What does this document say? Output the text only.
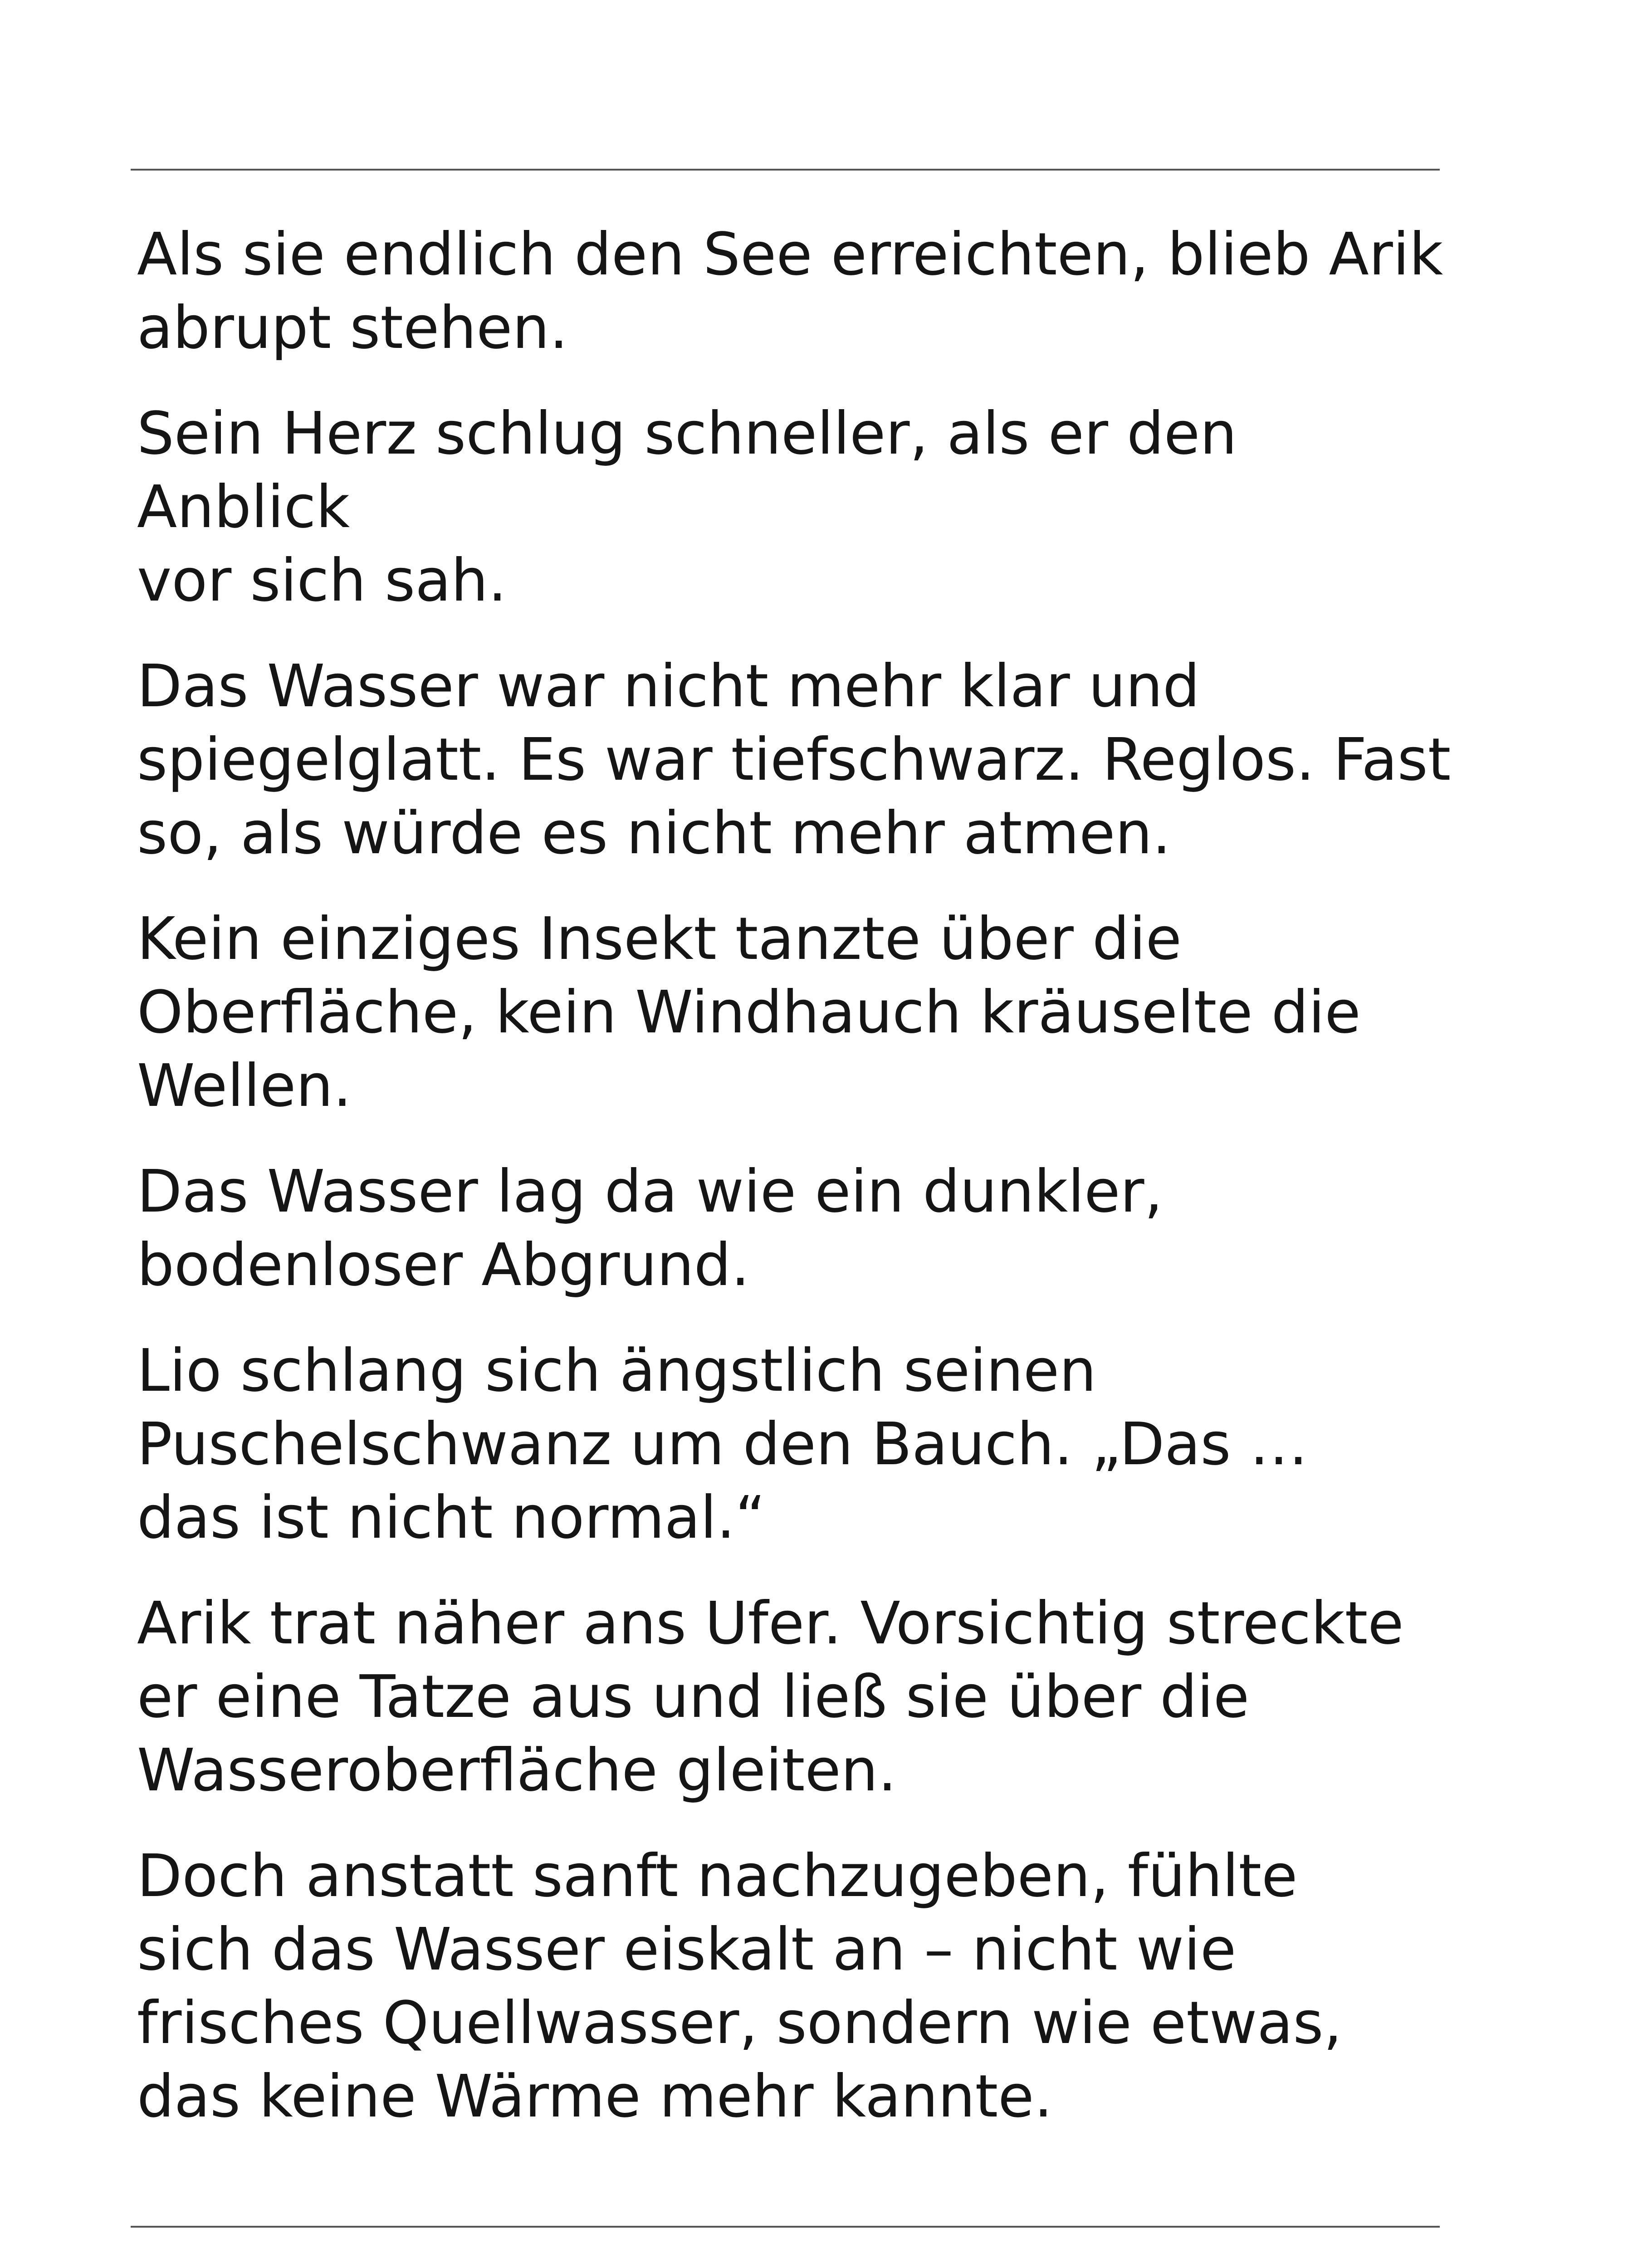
Als sie endlich den See erreichten, blieb Arik
abrupt stehen.

Sein Herz schlug schneller, als er den Anblick
vor sich sah.

Das Wasser war nicht mehr klar und
spiegelglatt. Es war tiefschwarz. Reglos. Fast
so, als würde es nicht mehr atmen.

Kein einziges Insekt tanzte über die
Oberfläche, kein Windhauch kräuselte die
Wellen.

Das Wasser lag da wie ein dunkler,
bodenloser Abgrund.

Lio schlang sich ängstlich seinen
Puschelschwanz um den Bauch. „Das …
das ist nicht normal.“

Arik trat näher ans Ufer. Vorsichtig streckte
er eine Tatze aus und ließ sie über die
Wasseroberfläche gleiten.

Doch anstatt sanft nachzugeben, fühlte
sich das Wasser eiskalt an – nicht wie
frisches Quellwasser, sondern wie etwas,
das keine Wärme mehr kannte.
